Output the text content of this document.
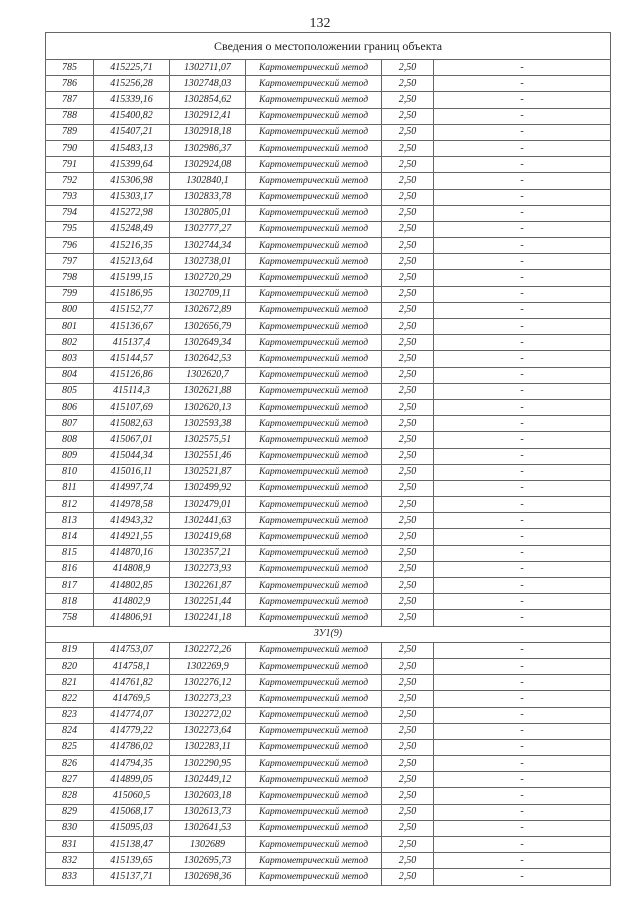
132
Сведения о местоположении границ объекта					
785	415225,71	1302711,07	Картометрический метод	2,50	-
786	415256,28	1302748,03	Картометрический метод	2,50	-
787	415339,16	1302854,62	Картометрический метод	2,50	-
788	415400,82	1302912,41	Картометрический метод	2,50	-
789	415407,21	1302918,18	Картометрический метод	2,50	-
790	415483,13	1302986,37	Картометрический метод	2,50	-
791	415399,64	1302924,08	Картометрический метод	2,50	-
792	415306,98	1302840,1	Картометрический метод	2,50	-
793	415303,17	1302833,78	Картометрический метод	2,50	-
794	415272,98	1302805,01	Картометрический метод	2,50	-
795	415248,49	1302777,27	Картометрический метод	2,50	-
796	415216,35	1302744,34	Картометрический метод	2,50	-
797	415213,64	1302738,01	Картометрический метод	2,50	-
798	415199,15	1302720,29	Картометрический метод	2,50	-
799	415186,95	1302709,11	Картометрический метод	2,50	-
800	415152,77	1302672,89	Картометрический метод	2,50	-
801	415136,67	1302656,79	Картометрический метод	2,50	-
802	415137,4	1302649,34	Картометрический метод	2,50	-
803	415144,57	1302642,53	Картометрический метод	2,50	-
804	415126,86	1302620,7	Картометрический метод	2,50	-
805	415114,3	1302621,88	Картометрический метод	2,50	-
806	415107,69	1302620,13	Картометрический метод	2,50	-
807	415082,63	1302593,38	Картометрический метод	2,50	-
808	415067,01	1302575,51	Картометрический метод	2,50	-
809	415044,34	1302551,46	Картометрический метод	2,50	-
810	415016,11	1302521,87	Картометрический метод	2,50	-
811	414997,74	1302499,92	Картометрический метод	2,50	-
812	414978,58	1302479,01	Картометрический метод	2,50	-
813	414943,32	1302441,63	Картометрический метод	2,50	-
814	414921,55	1302419,68	Картометрический метод	2,50	-
815	414870,16	1302357,21	Картометрический метод	2,50	-
816	414808,9	1302273,93	Картометрический метод	2,50	-
817	414802,85	1302261,87	Картометрический метод	2,50	-
818	414802,9	1302251,44	Картометрический метод	2,50	-
758	414806,91	1302241,18	Картометрический метод	2,50	-
ЗУ1(9)					
819	414753,07	1302272,26	Картометрический метод	2,50	-
820	414758,1	1302269,9	Картометрический метод	2,50	-
821	414761,82	1302276,12	Картометрический метод	2,50	-
822	414769,5	1302273,23	Картометрический метод	2,50	-
823	414774,07	1302272,02	Картометрический метод	2,50	-
824	414779,22	1302273,64	Картометрический метод	2,50	-
825	414786,02	1302283,11	Картометрический метод	2,50	-
826	414794,35	1302290,95	Картометрический метод	2,50	-
827	414899,05	1302449,12	Картометрический метод	2,50	-
828	415060,5	1302603,18	Картометрический метод	2,50	-
829	415068,17	1302613,73	Картометрический метод	2,50	-
830	415095,03	1302641,53	Картометрический метод	2,50	-
831	415138,47	1302689	Картометрический метод	2,50	-
832	415139,65	1302695,73	Картометрический метод	2,50	-
833	415137,71	1302698,36	Картометрический метод	2,50	-
